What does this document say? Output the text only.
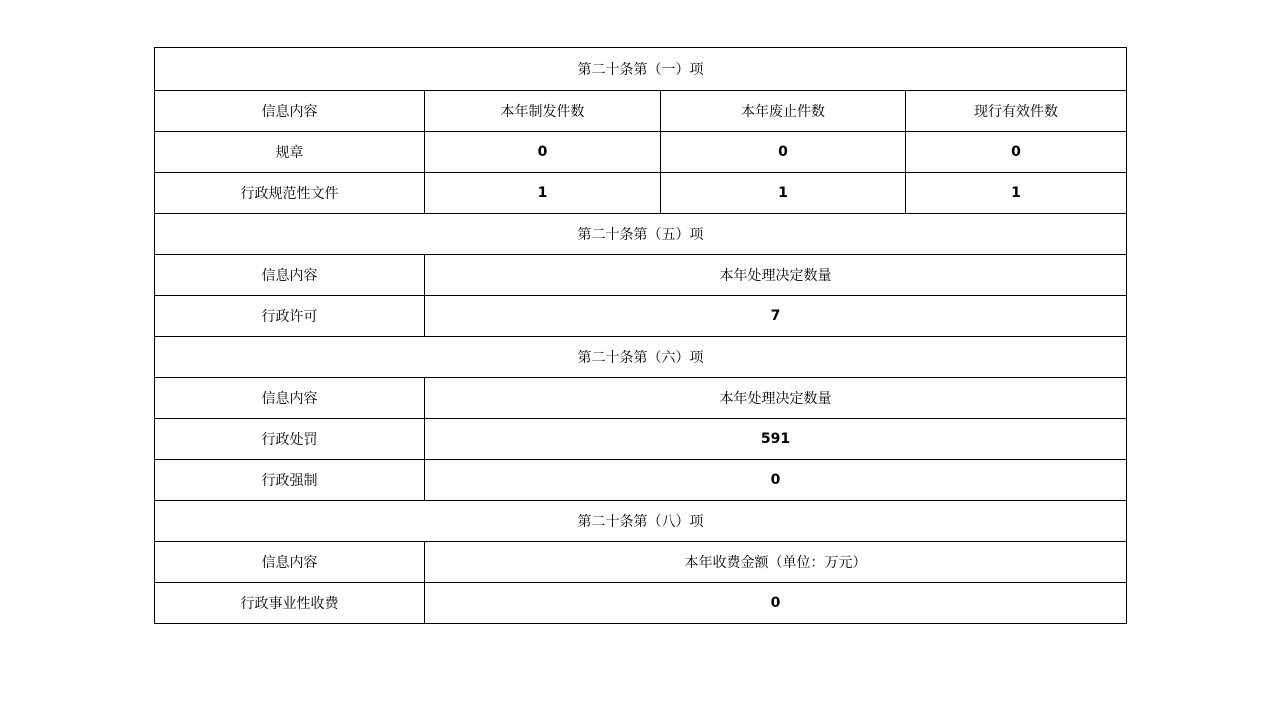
第二十条第（一）项			
信息内容	本年制发件数	本年废止件数	现行有效件数
规章	0	0	0
行政规范性文件	1	1	1
第二十条第（五）项			
信息内容	本年处理决定数量		
行政许可	7		
第二十条第（六）项			
信息内容	本年处理决定数量		
行政处罚	591		
行政强制	0		
第二十条第（八）项			
信息内容	本年收费金额（单位：万元）		
行政事业性收费	0		
